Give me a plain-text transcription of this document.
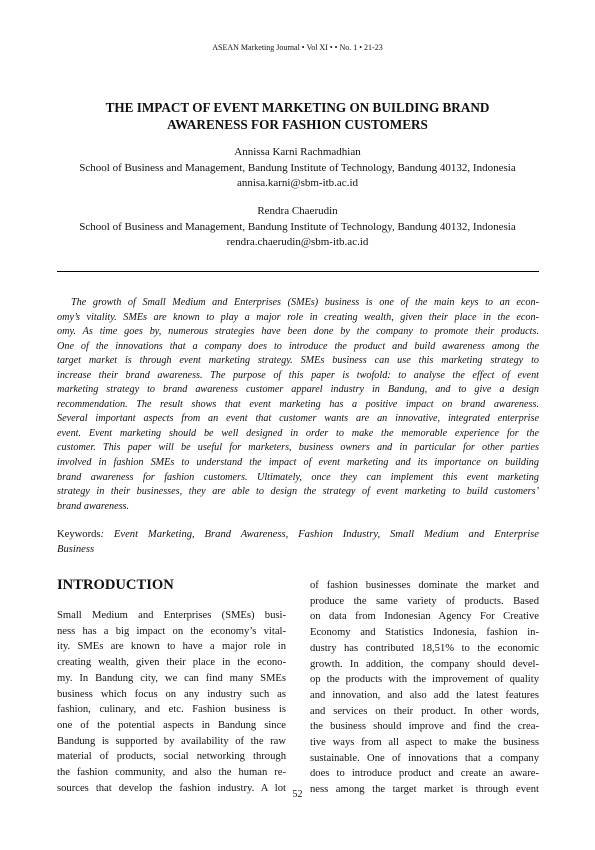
ASEAN Marketing Journal • Vol XI • • No. 1 • 21-23
THE IMPACT OF EVENT MARKETING ON BUILDING BRAND
AWARENESS FOR FASHION CUSTOMERS
Annissa Karni Rachmadhian
School of Business and Management, Bandung Institute of Technology, Bandung 40132, Indonesia
annisa.karni@sbm-itb.ac.id
Rendra Chaerudin
School of Business and Management, Bandung Institute of Technology, Bandung 40132, Indonesia
rendra.chaerudin@sbm-itb.ac.id
The growth of Small Medium and Enterprises (SMEs) business is one of the main keys to an econ-
omy’s vitality. SMEs are known to play a major role in creating wealth, given their place in the econ-
omy. As time goes by, numerous strategies have been done by the company to promote their products.
One of the innovations that a company does to introduce the product and build awareness among the
target market is through event marketing strategy. SMEs business can use this marketing strategy to
increase their brand awareness. The purpose of this paper is twofold: to analyse the effect of event
marketing strategy to brand awareness customer apparel industry in Bandung, and to give a design
recommendation. The result shows that event marketing has a positive impact on brand awareness.
Several important aspects from an event that customer wants are an innovative, integrated enterprise
event. Event marketing should be well designed in order to make the memorable experience for the
customer. This paper will be useful for marketers, business owners and in particular for other parties
involved in fashion SMEs to understand the impact of event marketing and its importance on building
brand awareness for fashion customers. Ultimately, once they can implement this event marketing
strategy in their businesses, they are able to design the strategy of event marketing to build customers’
brand awareness.
Keywords: Event Marketing, Brand Awareness, Fashion Industry, Small Medium and Enterprise
Business
INTRODUCTION
Small Medium and Enterprises (SMEs) busi-
ness has a big impact on the economy’s vital-
ity. SMEs are known to have a major role in
creating wealth, given their place in the econo-
my. In Bandung city, we can find many SMEs
business which focus on any industry such as
fashion, culinary, and etc. Fashion business is
one of the potential aspects in Bandung since
Bandung is supported by availability of the raw
material of products, social networking through
the fashion community, and also the human re-
sources that develop the fashion industry. A lot
of fashion businesses dominate the market and
produce the same variety of products. Based
on data from Indonesian Agency For Creative
Economy and Statistics Indonesia, fashion in-
dustry has contributed 18,51% to the economic
growth. In addition, the company should devel-
op the products with the improvement of quality
and innovation, and also add the latest features
and services on their product. In other words,
the business should improve and find the crea-
tive ways from all aspect to make the business
sustainable. One of innovations that a company
does to introduce product and create an aware-
ness among the target market is through event
52
